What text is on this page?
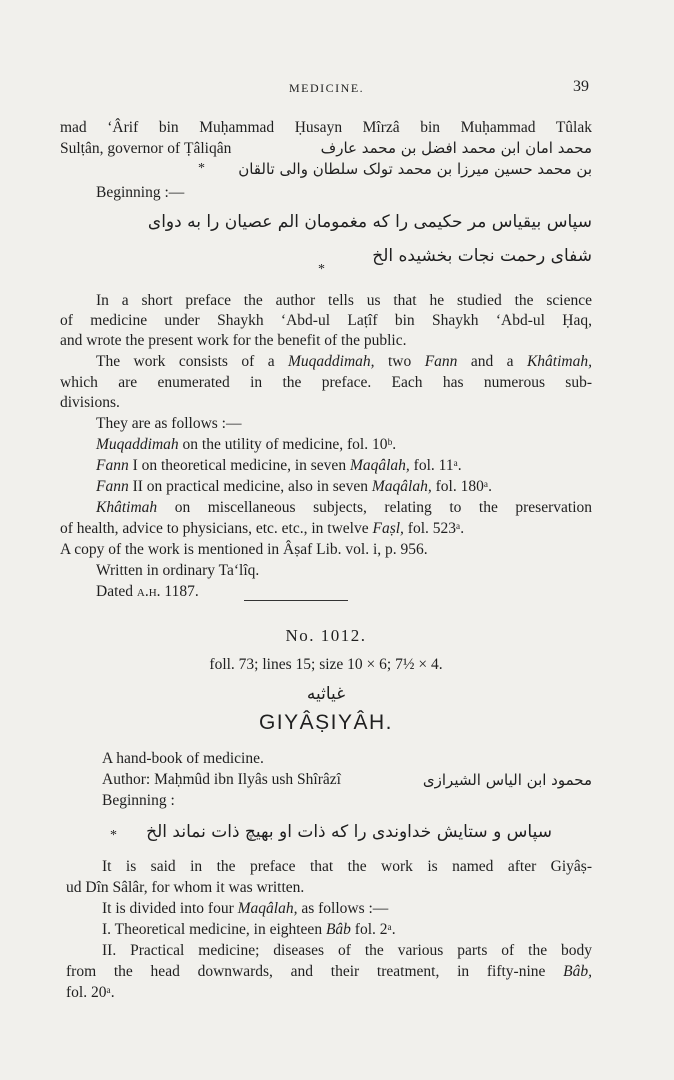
MEDICINE.	39
mad ‘Ârif bin Muḥammad Ḥusayn Mîrzâ bin Muḥammad Tûlak
Sulṭân, governor of Ṭâliqân	محمد امان ابن محمد افضل بن محمد عارف
*	بن محمد حسین میرزا بن محمد تولک سلطان والی تالقان
Beginning :—
سپاس بیقیاس مر حکیمی را که مغمومان الم عصیان را به دوای
*
شفای رحمت نجات بخشیده الخ
In a short preface the author tells us that he studied the science
of medicine under Shaykh ‘Abd-ul Laṭîf bin Shaykh ‘Abd-ul Ḥaq,
and wrote the present work for the benefit of the public.
The work consists of a Muqaddimah, two Fann and a Khâtimah,
which are enumerated in the preface. Each has numerous sub-
divisions.
They are as follows :—
Muqaddimah on the utility of medicine, fol. 10ᵇ.
Fann I on theoretical medicine, in seven Maqâlah, fol. 11ᵃ.
Fann II on practical medicine, also in seven Maqâlah, fol. 180ᵃ.
Khâtimah on miscellaneous subjects, relating to the preservation
of health, advice to physicians, etc. etc., in twelve Faṣl, fol. 523ᵃ.
A copy of the work is mentioned in Âṣaf Lib. vol. i, p. 956.
Written in ordinary Ta‘lîq.
Dated a.h. 1187.
No. 1012.
foll. 73; lines 15; size 10 × 6; 7½ × 4.
غیاثیه
GIYÂṢIYÂH.
A hand-book of medicine.
Author: Maḥmûd ibn Ilyâs ush Shîrâzî	محمود ابن الیاس الشیرازی
Beginning :
*	سپاس و ستایش خداوندی را که ذات او بهیچ ذات نماند الخ
It is said in the preface that the work is named after Giyâṣ-
ud Dîn Sâlâr, for whom it was written.
It is divided into four Maqâlah, as follows :—
I. Theoretical medicine, in eighteen Bâb fol. 2ᵃ.
II. Practical medicine; diseases of the various parts of the body
from the head downwards, and their treatment, in fifty-nine Bâb,
fol. 20ᵃ.
